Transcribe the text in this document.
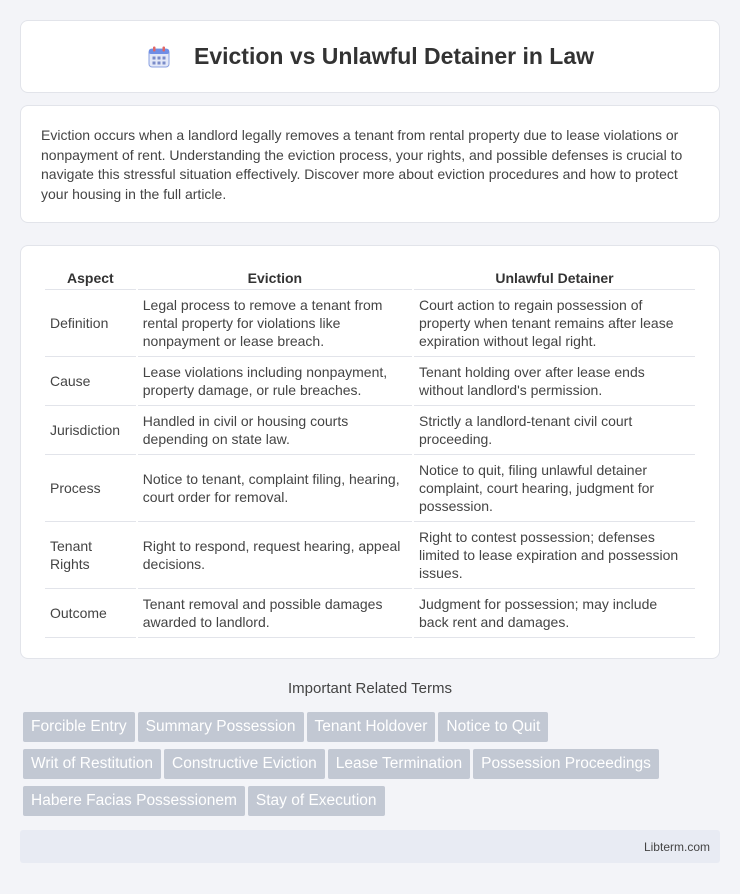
Eviction vs Unlawful Detainer in Law

Eviction occurs when a landlord legally removes a tenant from rental property due to lease violations or nonpayment of rent. Understanding the eviction process, your rights, and possible defenses is crucial to navigate this stressful situation effectively. Discover more about eviction procedures and how to protect your housing in the full article.

Aspect	Eviction	Unlawful Detainer
Definition	Legal process to remove a tenant from rental property for violations like nonpayment or lease breach.	Court action to regain possession of property when tenant remains after lease expiration without legal right.
Cause	Lease violations including nonpayment, property damage, or rule breaches.	Tenant holding over after lease ends without landlord's permission.
Jurisdiction	Handled in civil or housing courts depending on state law.	Strictly a landlord-tenant civil court proceeding.
Process	Notice to tenant, complaint filing, hearing, court order for removal.	Notice to quit, filing unlawful detainer complaint, court hearing, judgment for possession.
Tenant Rights	Right to respond, request hearing, appeal decisions.	Right to contest possession; defenses limited to lease expiration and possession issues.
Outcome	Tenant removal and possible damages awarded to landlord.	Judgment for possession; may include back rent and damages.
Important Related Terms
Forcible Entry Summary Possession Tenant Holdover Notice to Quit
Writ of Restitution Constructive Eviction Lease Termination Possession Proceedings
Habere Facias Possessionem Stay of Execution
Libterm.com
